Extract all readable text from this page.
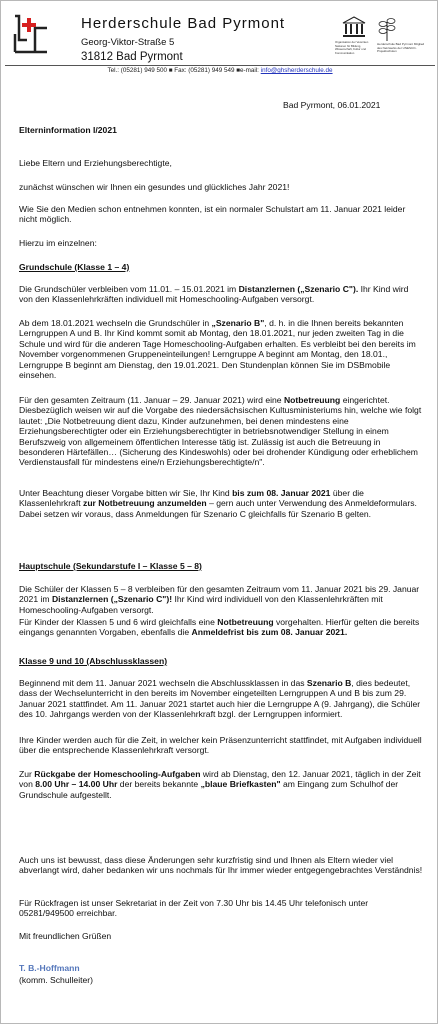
Herderschule Bad Pyrmont
Georg-Viktor-Straße 5
31812 Bad Pyrmont
Organisation der Vereinten Nationen für Bildung, Wissenschaft, Kultur und Kommunikation
Herderschule Bad Pyrmont Mitglied des Netzwerks der UNESCO-Projektschulen
Tel.: (05281) 949 500 ■ Fax: (05281) 949 549 ■e-mail: info@ghsherderschule.de
Bad Pyrmont, 06.01.2021

Elterninformation I/2021

Liebe Eltern und Erziehungsberechtigte,

zunächst wünschen wir Ihnen ein gesundes und glückliches Jahr 2021!

Wie Sie den Medien schon entnehmen konnten, ist ein normaler Schulstart am 11. Januar 2021 leider nicht möglich.

Hierzu im einzelnen:

Grundschule (Klasse 1 – 4)

Die Grundschüler verbleiben vom 11.01. – 15.01.2021 im Distanzlernen („Szenario C"). Ihr Kind wird von den Klassenlehrkräften individuell mit Homeschooling-Aufgaben versorgt.

Ab dem 18.01.2021 wechseln die Grundschüler in „Szenario B", d. h. in die Ihnen bereits bekannten Lerngruppen A und B. Ihr Kind kommt somit ab Montag, den 18.01.2021, nur jeden zweiten Tag in die Schule und wird für die anderen Tage Homeschooling-Aufgaben erhalten. Es verbleibt bei den bereits im November vorgenommenen Gruppeneinteilungen! Lerngruppe A beginnt am Montag, den 18.01., Lerngruppe B beginnt am Dienstag, den 19.01.2021. Den Stundenplan können Sie im DSBmobile einsehen.

Für den gesamten Zeitraum (11. Januar – 29. Januar 2021) wird eine Notbetreuung eingerichtet. Diesbezüglich weisen wir auf die Vorgabe des niedersächsischen Kultusministeriums hin, welche wie folgt lautet: „Die Notbetreuung dient dazu, Kinder aufzunehmen, bei denen mindestens eine Erziehungsberechtigter oder ein Erziehungsberechtigter in betriebsnotwendiger Stellung in einem Berufszweig von allgemeinem öffentlichen Interesse tätig ist. Zulässig ist auch die Betreuung in besonderen Härtefällen… (Sicherung des Kindeswohls) oder bei drohender Kündigung oder erheblichem Verdienstausfall für mindestens eine/n Erziehungsberechtigte/n".

Unter Beachtung dieser Vorgabe bitten wir Sie, Ihr Kind bis zum 08. Januar 2021 über die Klassenlehrkraft zur Notbetreuung anzumelden – gern auch unter Verwendung des Anmeldeformulars. Dabei setzen wir voraus, dass Anmeldungen für Szenario C gleichfalls für Szenario B gelten.

Hauptschule (Sekundarstufe I – Klasse 5 – 8)

Die Schüler der Klassen 5 – 8 verbleiben für den gesamten Zeitraum vom 11. Januar 2021 bis 29. Januar 2021 im Distanzlernen („Szenario C")! Ihr Kind wird individuell von den Klassenlehrkräften mit Homeschooling-Aufgaben versorgt.

Für Kinder der Klassen 5 und 6 wird gleichfalls eine Notbetreuung vorgehalten. Hierfür gelten die bereits eingangs genannten Vorgaben, ebenfalls die Anmeldefrist bis zum 08. Januar 2021.

Klasse 9 und 10 (Abschlussklassen)

Beginnend mit dem 11. Januar 2021 wechseln die Abschlussklassen in das Szenario B, dies bedeutet, dass der Wechselunterricht in den bereits im November eingeteilten Lerngruppen A und B bis zum 29. Januar 2021 stattfindet. Am 11. Januar 2021 startet auch hier die Lerngruppe A (9. Jahrgang), die Schüler des 10. Jahrgangs werden von der Klassenlehrkraft bzgl. der Lerngruppen informiert.

Ihre Kinder werden auch für die Zeit, in welcher kein Präsenzunterricht stattfindet, mit Aufgaben individuell über die entsprechende Klassenlehrkraft versorgt.

Zur Rückgabe der Homeschooling-Aufgaben wird ab Dienstag, den 12. Januar 2021, täglich in der Zeit von 8.00 Uhr – 14.00 Uhr der bereits bekannte „blaue Briefkasten" am Eingang zum Schulhof der Grundschule aufgestellt.

Auch uns ist bewusst, dass diese Änderungen sehr kurzfristig sind und Ihnen als Eltern wieder viel abverlangt wird, daher bedanken wir uns nochmals für Ihr immer wieder entgegengebrachtes Verständnis!

Für Rückfragen ist unser Sekretariat in der Zeit von 7.30 Uhr bis 14.45 Uhr telefonisch unter 05281/949500 erreichbar.

Mit freundlichen Grüßen

T. B.-Hoffmann

(komm. Schulleiter)
